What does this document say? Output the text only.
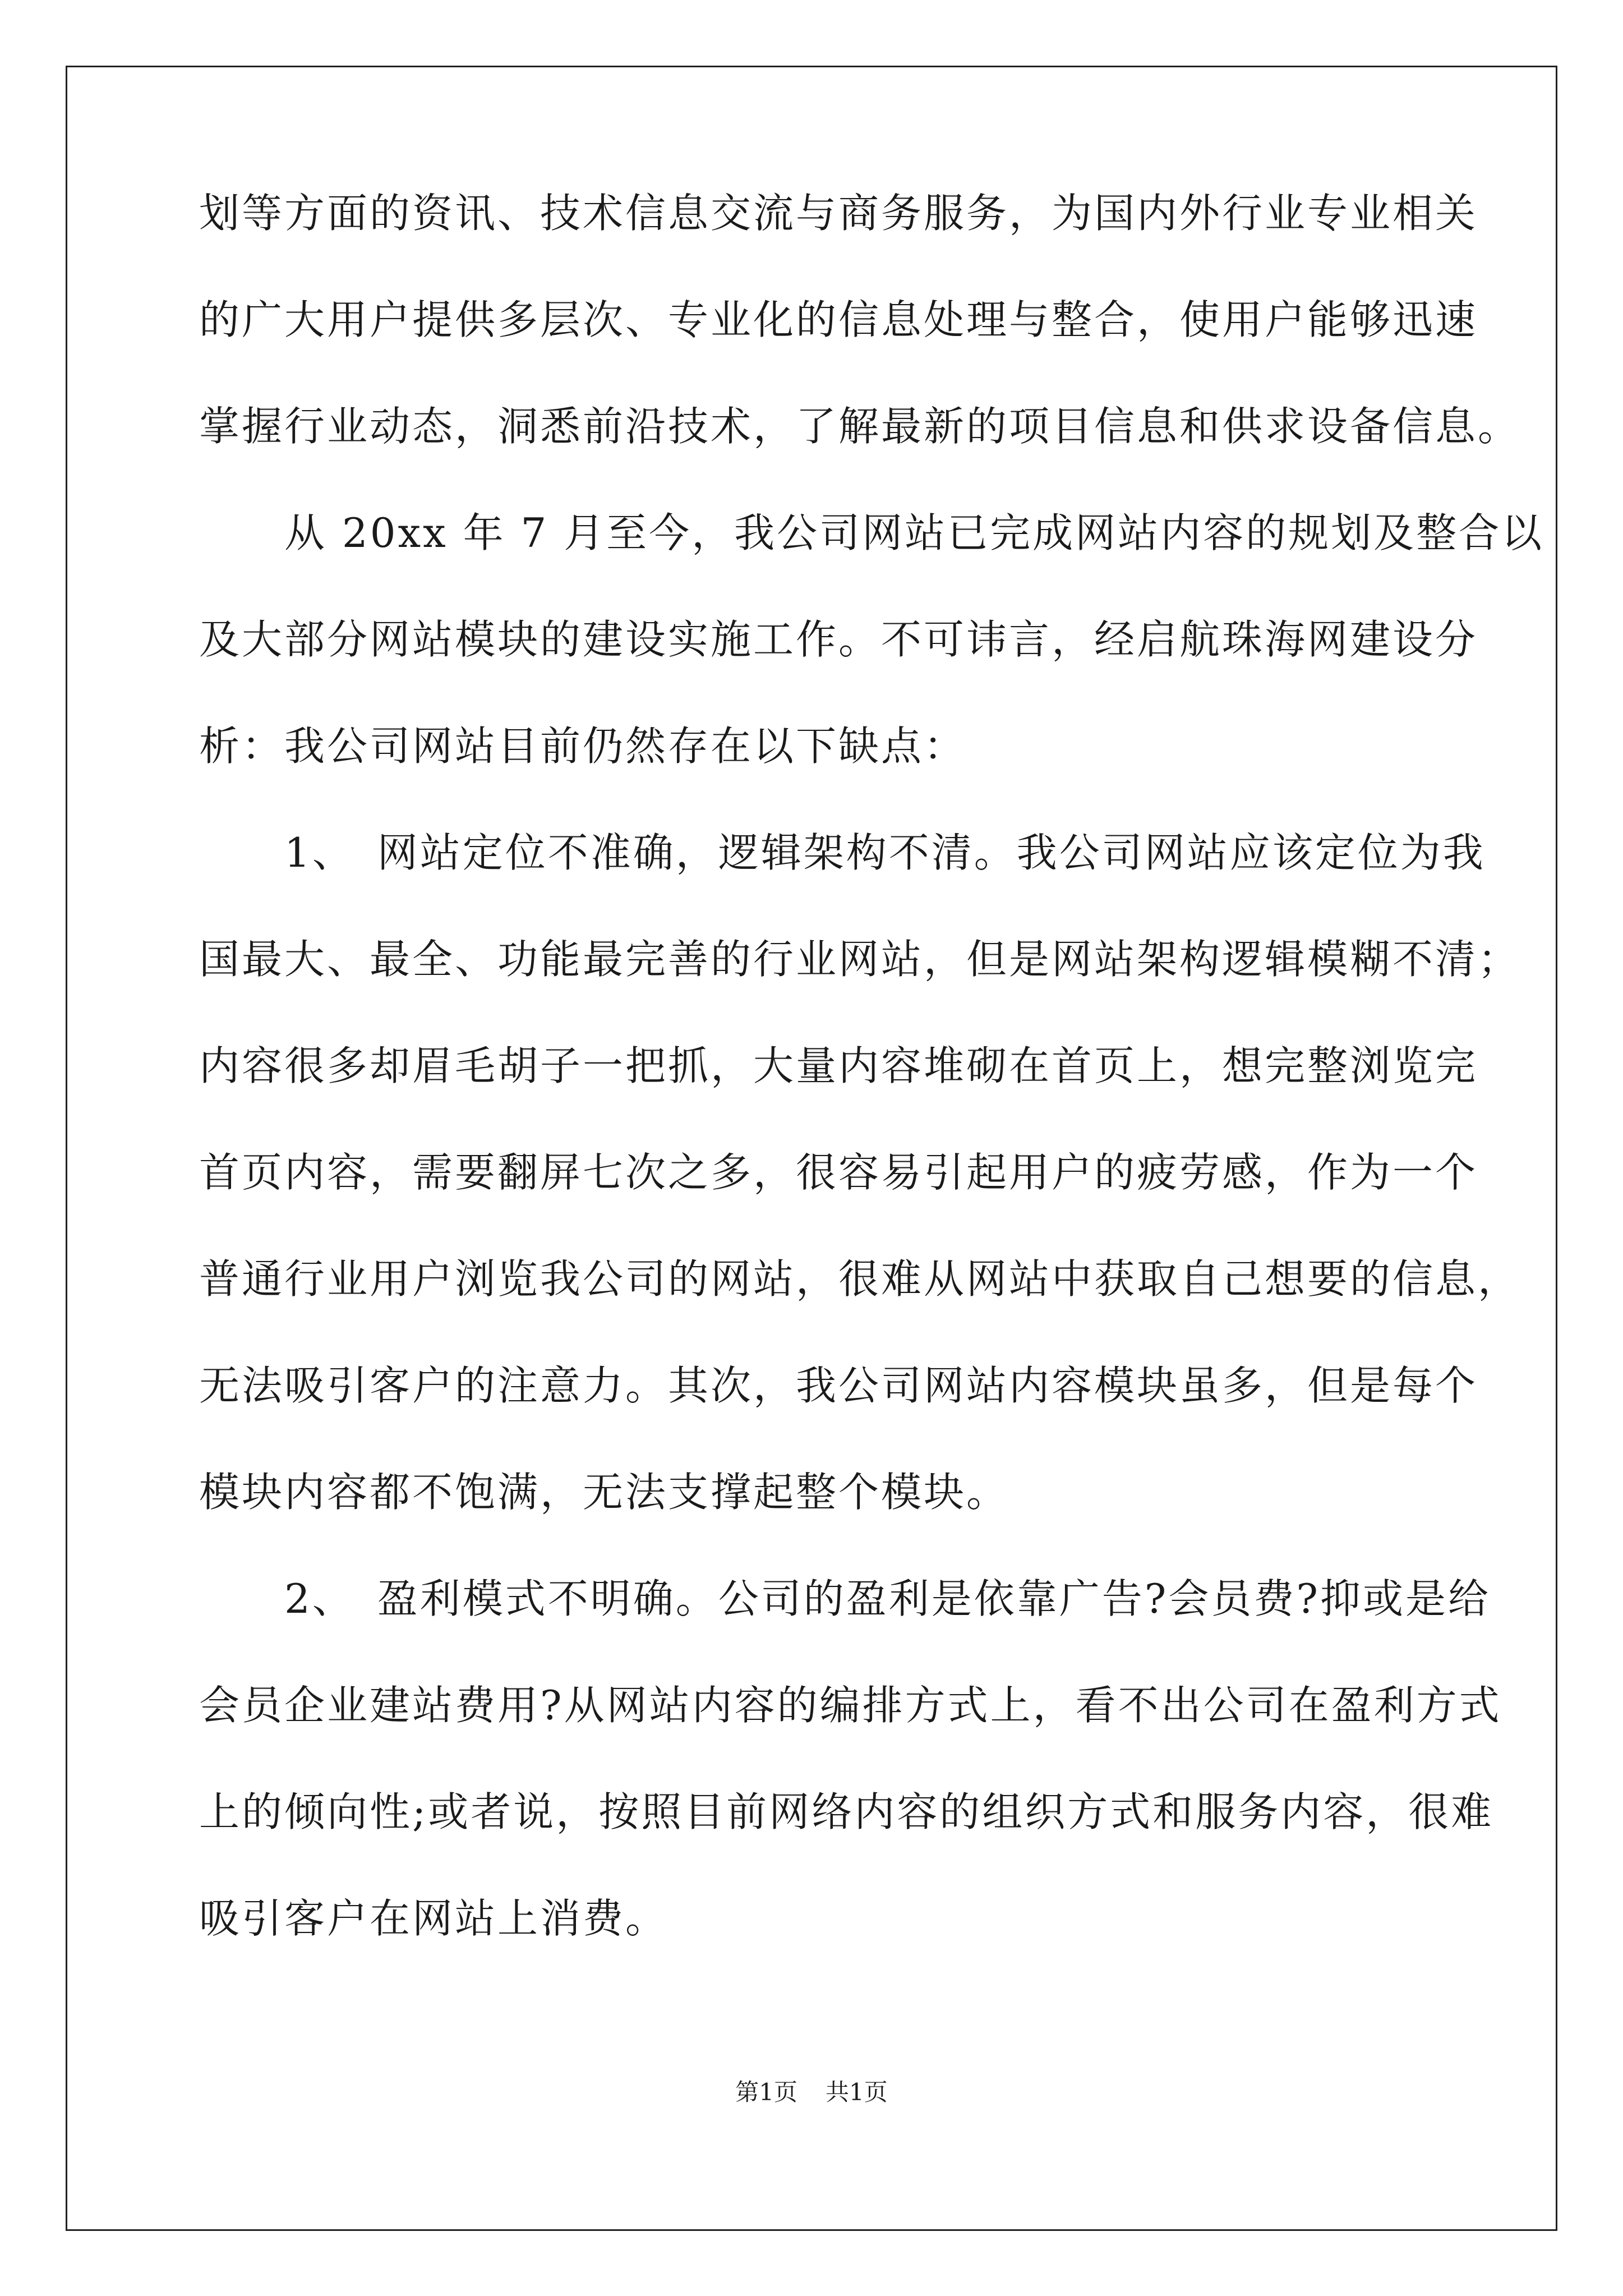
划等方面的资讯、技术信息交流与商务服务，为国内外行业专业相关
的广大用户提供多层次、专业化的信息处理与整合，使用户能够迅速
掌握行业动态，洞悉前沿技术，了解最新的项目信息和供求设备信息。
　　从 20xx 年 7 月至今，我公司网站已完成网站内容的规划及整合以
及大部分网站模块的建设实施工作。不可讳言，经启航珠海网建设分
析：我公司网站目前仍然存在以下缺点：
　　1、　网站定位不准确，逻辑架构不清。我公司网站应该定位为我
国最大、最全、功能最完善的行业网站，但是网站架构逻辑模糊不清；
内容很多却眉毛胡子一把抓，大量内容堆砌在首页上，想完整浏览完
首页内容，需要翻屏七次之多，很容易引起用户的疲劳感，作为一个
普通行业用户浏览我公司的网站，很难从网站中获取自己想要的信息，
无法吸引客户的注意力。其次，我公司网站内容模块虽多，但是每个
模块内容都不饱满，无法支撑起整个模块。
　　2、　盈利模式不明确。公司的盈利是依靠广告?会员费?抑或是给
会员企业建站费用?从网站内容的编排方式上，看不出公司在盈利方式
上的倾向性;或者说，按照目前网络内容的组织方式和服务内容，很难
吸引客户在网站上消费。
第1页 共1页
